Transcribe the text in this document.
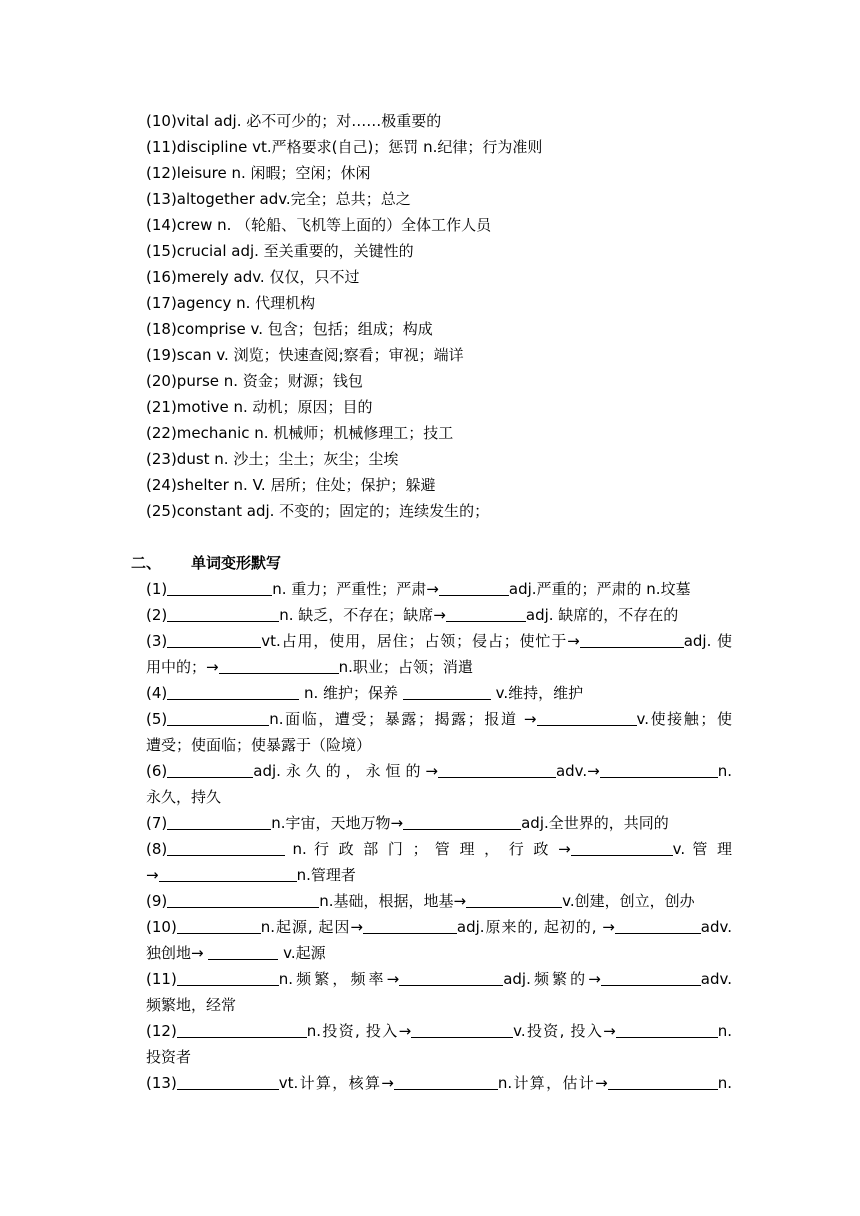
(10)vital adj. 必不可少的；对……极重要的
(11)discipline vt.严格要求(自己)；惩罚 n.纪律；行为准则
(12)leisure n. 闲暇；空闲；休闲
(13)altogether adv.完全；总共；总之
(14)crew n. （轮船、飞机等上面的）全体工作人员
(15)crucial adj. 至关重要的，关键性的
(16)merely adv. 仅仅，只不过
(17)agency n. 代理机构
(18)comprise v. 包含；包括；组成；构成
(19)scan v. 浏览；快速查阅;察看；审视；端详
(20)purse n. 资金；财源；钱包
(21)motive n. 动机；原因；目的
(22)mechanic n. 机械师；机械修理工；技工
(23)dust n. 沙土；尘土；灰尘；尘埃
(24)shelter n. V. 居所；住处；保护；躲避
(25)constant adj. 不变的；固定的；连续发生的；
二、 单词变形默写
(1)	n. 重力；严重性；严肃→	adj.严重的；严肃的 n.坟墓
(2)	n. 缺乏，不存在；缺席→	adj. 缺席的，不存在的
(3)	vt.占用，使用，居住；占领；侵占；使忙于→	adj. 使
用中的；→	n.职业；占领；消遣
(4)	n. 维护；保养	v.维持，维护
(5)	n.面临，遭受；暴露；揭露；报道 →	v.使接触；使
遭受；使面临；使暴露于（险境）
(6)	adj.永久的，永恒的→	adv.→	n.
永久，持久
(7)	n.宇宙，天地万物→	adj.全世界的，共同的
(8)	n. 行 政 部 门 ； 管 理 ， 行 政 →	v. 管 理
→	n.管理者
(9)	n.基础，根据，地基→	v.创建，创立，创办
(10)	n.起源, 起因→	adj.原来的, 起初的, →	adv.
独创地→	v.起源
(11)	n.频繁，频率→	adj.频繁的→	adv.
频繁地，经常
(12)	n.投资, 投入→	v.投资, 投入→	n.
投资者
(13)	vt.计算，核算→	n.计算，估计→	n.
